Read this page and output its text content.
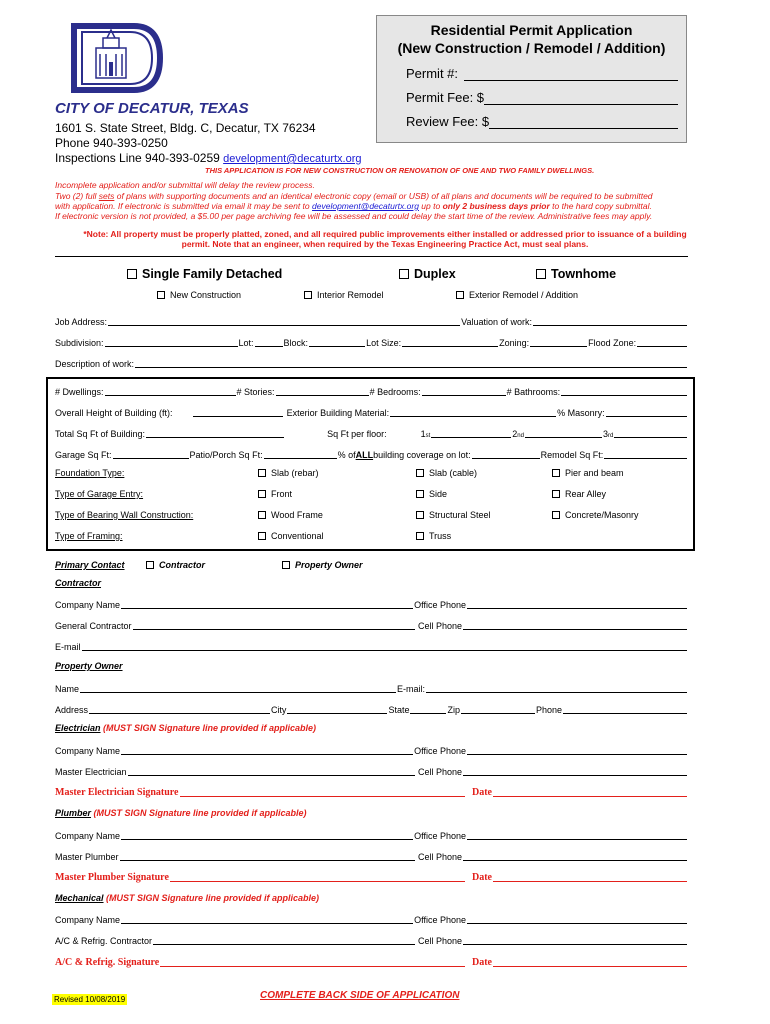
CITY OF DECATUR, TEXAS
1601 S. State Street, Bldg. C, Decatur, TX 76234
Phone 940-393-0250
Inspections Line 940-393-0259 development@decaturtx.org
Residential Permit Application
(New Construction / Remodel / Addition)
Permit #:
Permit Fee: $
Review Fee: $
THIS APPLICATION IS FOR NEW CONSTRUCTION OR RENOVATION OF ONE AND TWO FAMILY DWELLINGS.
Incomplete application and/or submittal will delay the review process.
Two (2) full sets of plans with supporting documents and an identical electronic copy (email or USB) of all plans and documents will be required to be submitted
with application. If electronic is submitted via email it may be sent to development@decaturtx.org up to only 2 business days prior to the hard copy submittal.
If electronic version is not provided, a $5.00 per page archiving fee will be assessed and could delay the start time of the review. Administrative fees may apply.
*Note: All property must be properly platted, zoned, and all required public improvements either installed or addressed prior to issuance of a building
permit. Note that an engineer, when required by the Texas Engineering Practice Act, must seal plans.
Single Family Detached	Duplex	Townhome
New Construction	Interior Remodel	Exterior Remodel / Addition
Job Address:	Valuation of work:
Subdivision:	Lot:	Block:	Lot Size:	Zoning:	Flood Zone:
Description of work:
# Dwellings:	# Stories:	# Bedrooms:	# Bathrooms:
Overall Height of Building (ft):	Exterior Building Material:	% Masonry:
Total Sq Ft of Building:	Sq Ft per floor:	$1_{st}$	$2_{nd}$	$3_{rd}$
Garage Sq Ft:	Patio/Porch Sq Ft:	% of ALL building coverage on lot:	Remodel Sq Ft:
Foundation Type:	Slab (rebar)	Slab (cable)	Pier and beam
Type of Garage Entry:	Front	Side	Rear Alley
Type of Bearing Wall Construction:	Wood Frame	Structural Steel	Concrete/Masonry
Type of Framing:	Conventional	Truss
Primary Contact	Contractor	Property Owner
Contractor
Company Name	Office Phone
General Contractor	Cell Phone
E-mail
Property Owner
Name	E-mail:
Address	City	State	Zip	Phone
Electrician (MUST SIGN Signature line provided if applicable)
Company Name	Office Phone
Master Electrician	Cell Phone
Master Electrician Signature	Date
Plumber (MUST SIGN Signature line provided if applicable)
Company Name	Office Phone
Master Plumber	Cell Phone
Master Plumber Signature	Date
Mechanical (MUST SIGN Signature line provided if applicable)
Company Name	Office Phone
A/C & Refrig. Contractor	Cell Phone
A/C & Refrig. Signature	Date
Revised 10/08/2019	COMPLETE BACK SIDE OF APPLICATION
